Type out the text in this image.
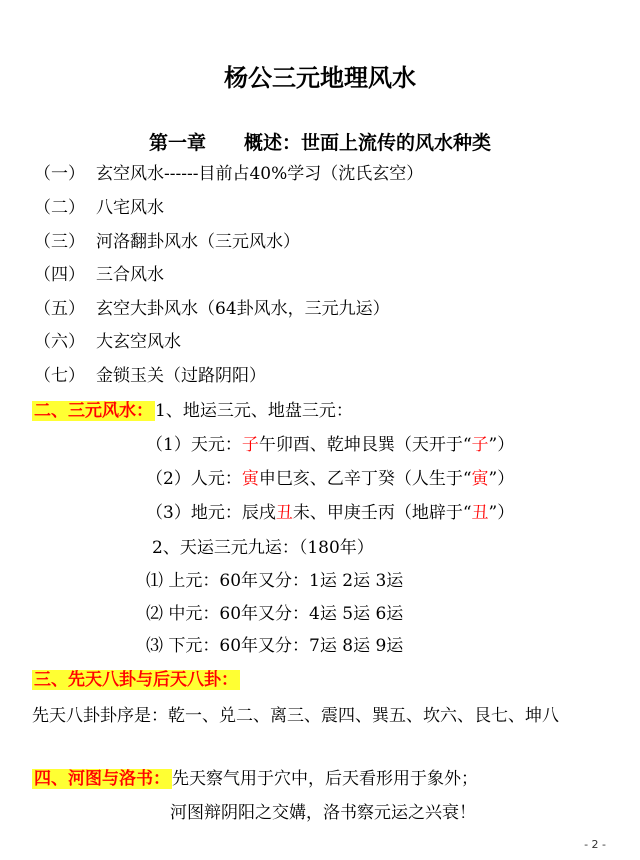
杨公三元地理风水
第一章　　概述：世面上流传的风水种类
（一） 玄空风水------目前占40%学习（沈氏玄空）
（二） 八宅风水
（三） 河洛翻卦风水（三元风水）
（四） 三合风水
（五） 玄空大卦风水（64卦风水，三元九运）
（六） 大玄空风水
（七） 金锁玉关（过路阴阳）
二、三元风水： 1、地运三元、地盘三元：
（1）天元：子午卯酉、乾坤艮巽（天开于“子”）
（2）人元：寅申巳亥、乙辛丁癸（人生于“寅”）
（3）地元：辰戌丑未、甲庚壬丙（地辟于“丑”）
2、天运三元九运：（180年）
⑴ 上元：60年又分：1运 2运 3运
⑵ 中元：60年又分：4运 5运 6运
⑶ 下元：60年又分：7运 8运 9运
三、先天八卦与后天八卦：
先天八卦卦序是：乾一、兑二、离三、震四、巽五、坎六、艮七、坤八
四、河图与洛书： 先天察气用于穴中，后天看形用于象外；
河图辩阴阳之交媾，洛书察元运之兴衰！
- 2 -
